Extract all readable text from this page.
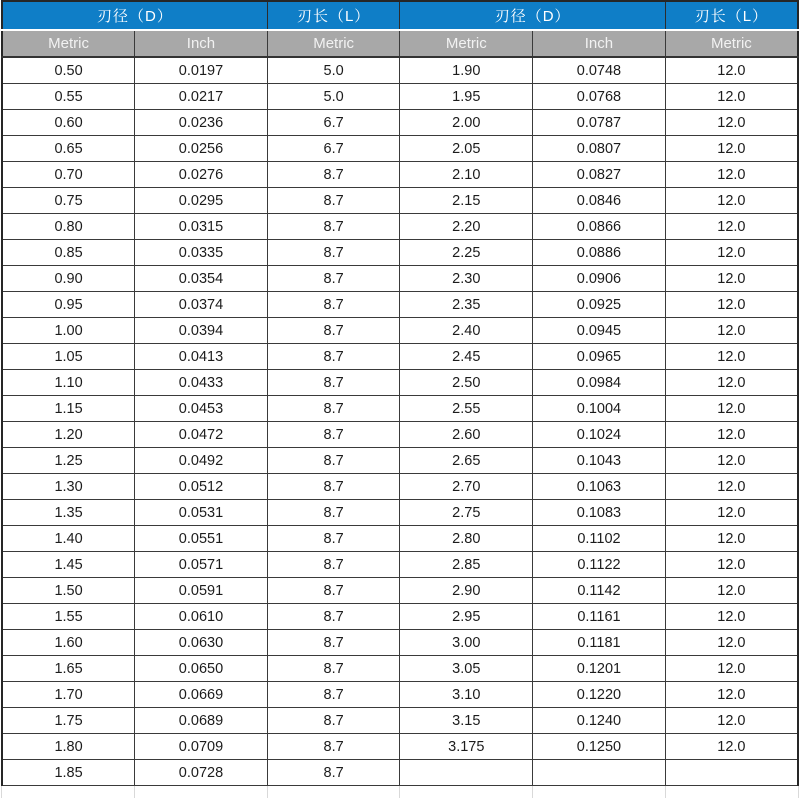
刃径（D）		刃长（L）	刃径（D）		刃长（L）
Metric	Inch	Metric	Metric	Inch	Metric
0.50	0.0197	5.0	1.90	0.0748	12.0
0.55	0.0217	5.0	1.95	0.0768	12.0
0.60	0.0236	6.7	2.00	0.0787	12.0
0.65	0.0256	6.7	2.05	0.0807	12.0
0.70	0.0276	8.7	2.10	0.0827	12.0
0.75	0.0295	8.7	2.15	0.0846	12.0
0.80	0.0315	8.7	2.20	0.0866	12.0
0.85	0.0335	8.7	2.25	0.0886	12.0
0.90	0.0354	8.7	2.30	0.0906	12.0
0.95	0.0374	8.7	2.35	0.0925	12.0
1.00	0.0394	8.7	2.40	0.0945	12.0
1.05	0.0413	8.7	2.45	0.0965	12.0
1.10	0.0433	8.7	2.50	0.0984	12.0
1.15	0.0453	8.7	2.55	0.1004	12.0
1.20	0.0472	8.7	2.60	0.1024	12.0
1.25	0.0492	8.7	2.65	0.1043	12.0
1.30	0.0512	8.7	2.70	0.1063	12.0
1.35	0.0531	8.7	2.75	0.1083	12.0
1.40	0.0551	8.7	2.80	0.1102	12.0
1.45	0.0571	8.7	2.85	0.1122	12.0
1.50	0.0591	8.7	2.90	0.1142	12.0
1.55	0.0610	8.7	2.95	0.1161	12.0
1.60	0.0630	8.7	3.00	0.1181	12.0
1.65	0.0650	8.7	3.05	0.1201	12.0
1.70	0.0669	8.7	3.10	0.1220	12.0
1.75	0.0689	8.7	3.15	0.1240	12.0
1.80	0.0709	8.7	3.175	0.1250	12.0
1.85	0.0728	8.7			
